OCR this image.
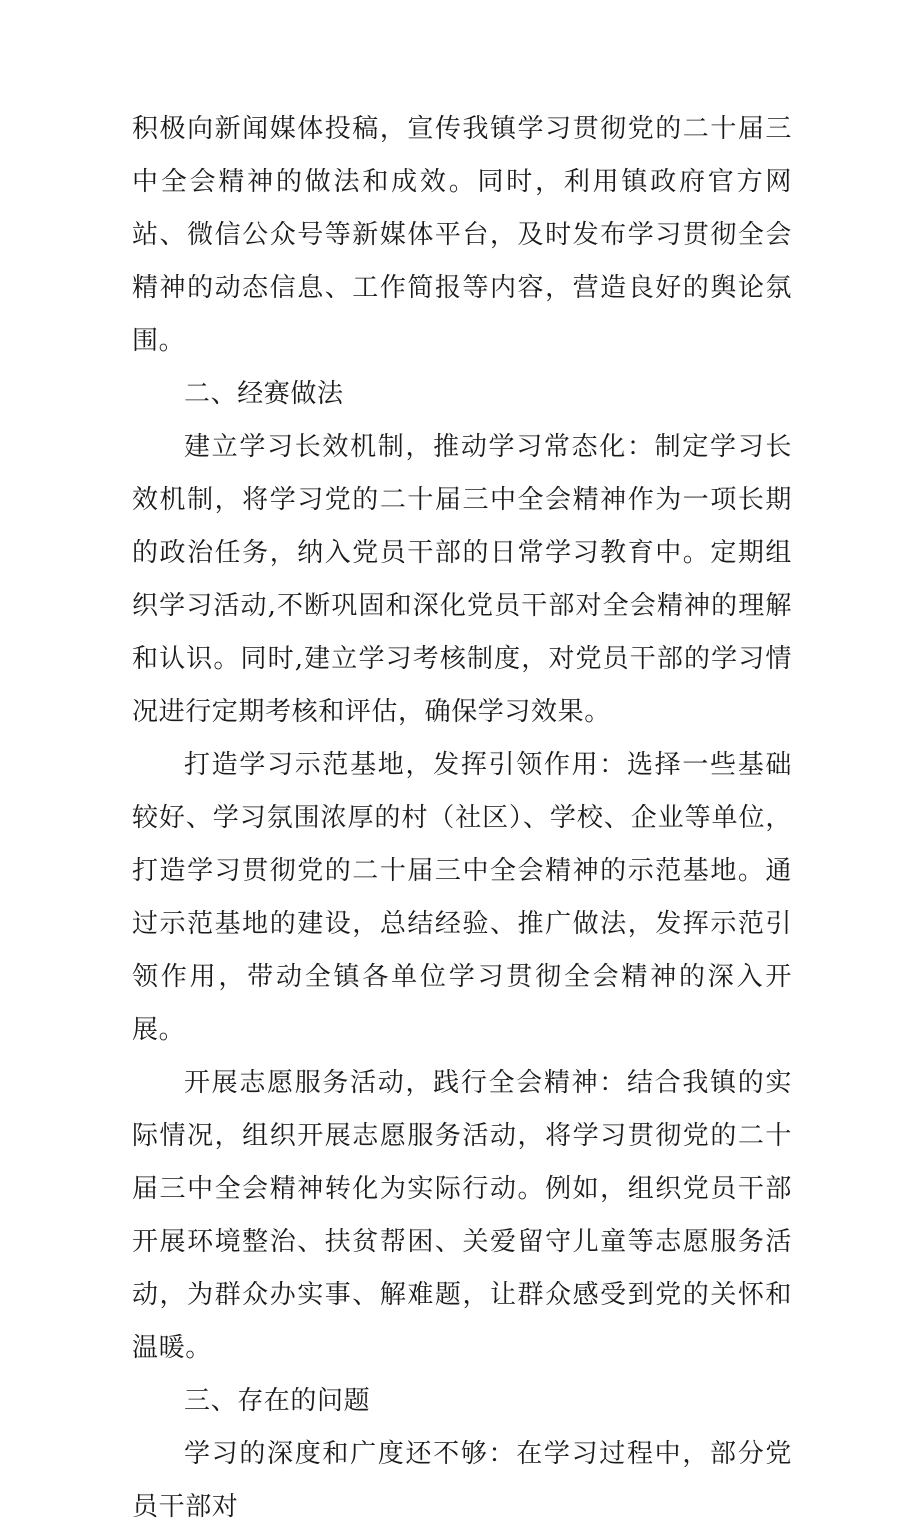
积极向新闻媒体投稿，宣传我镇学习贯彻党的二十届三中全会精神的做法和成效。同时，利用镇政府官方网站、微信公众号等新媒体平台，及时发布学习贯彻全会精神的动态信息、工作简报等内容，营造良好的舆论氛围。

二、经赛做法

建立学习长效机制，推动学习常态化：制定学习长效机制，将学习党的二十届三中全会精神作为一项长期的政治任务，纳入党员干部的日常学习教育中。定期组织学习活动,不断巩固和深化党员干部对全会精神的理解和认识。同时,建立学习考核制度，对党员干部的学习情况进行定期考核和评估，确保学习效果。

打造学习示范基地，发挥引领作用：选择一些基础较好、学习氛围浓厚的村（社区）、学校、企业等单位，打造学习贯彻党的二十届三中全会精神的示范基地。通过示范基地的建设，总结经验、推广做法，发挥示范引领作用，带动全镇各单位学习贯彻全会精神的深入开展。

开展志愿服务活动，践行全会精神：结合我镇的实际情况，组织开展志愿服务活动，将学习贯彻党的二十届三中全会精神转化为实际行动。例如，组织党员干部开展环境整治、扶贫帮困、关爱留守儿童等志愿服务活动，为群众办实事、解难题，让群众感受到党的关怀和温暖。

三、存在的问题

学习的深度和广度还不够：在学习过程中，部分党员干部对
